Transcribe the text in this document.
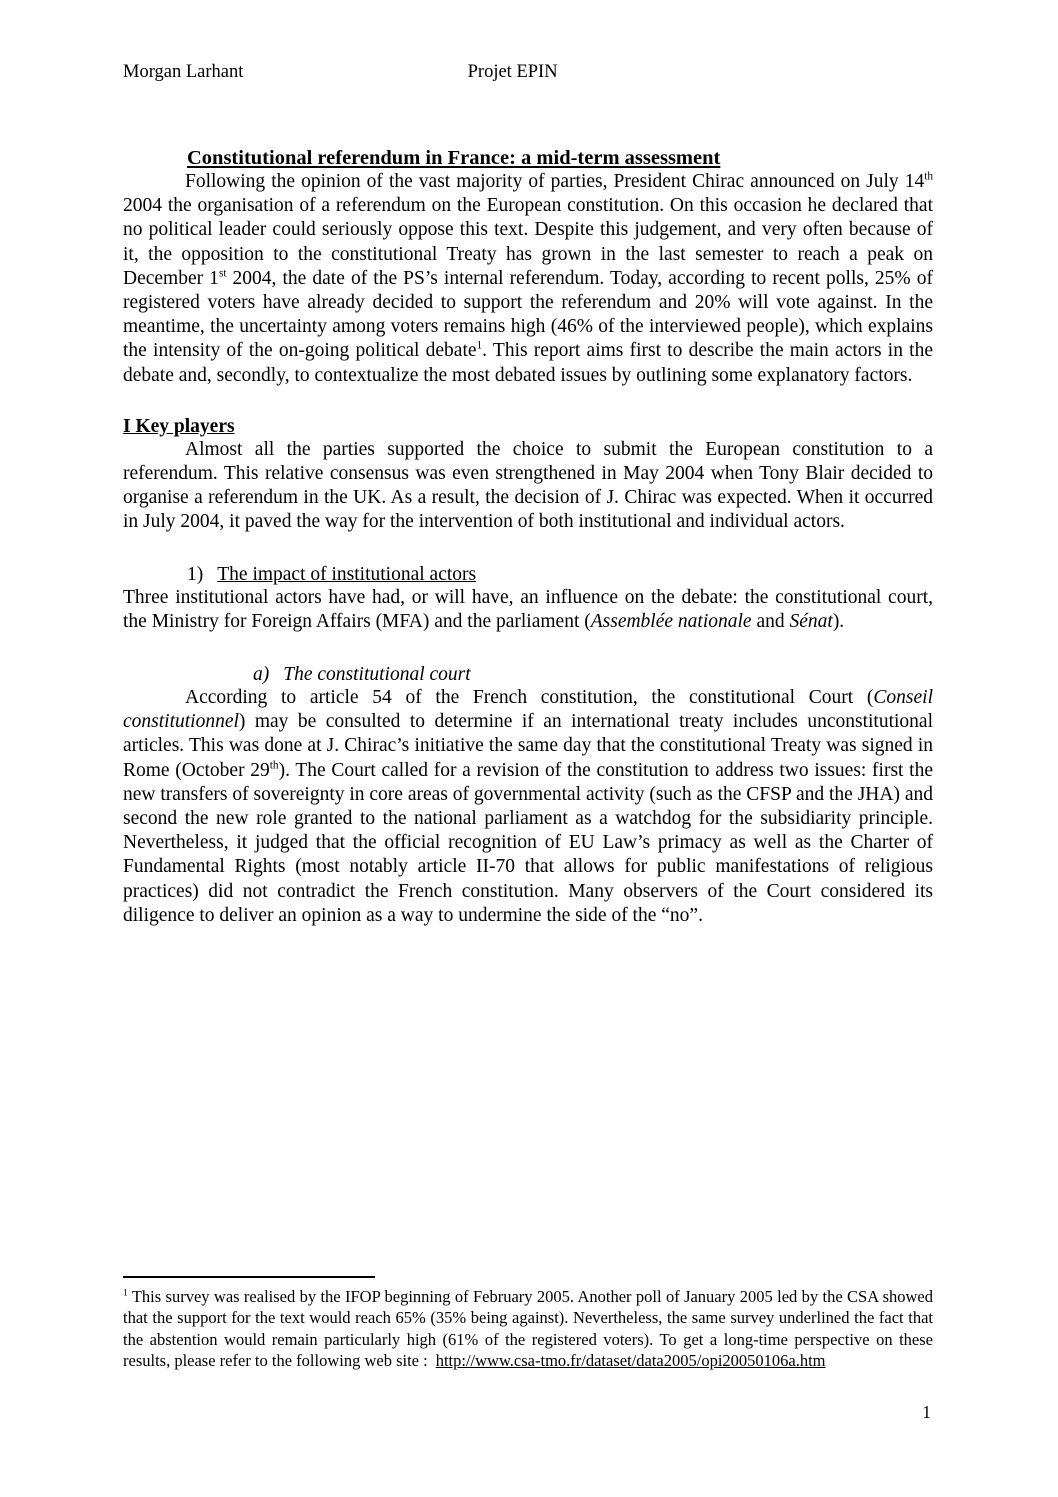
Morgan Larhant	Projet EPIN
Constitutional referendum in France: a mid-term assessment

Following the opinion of the vast majority of parties, President Chirac announced on July 14th 2004 the organisation of a referendum on the European constitution. On this occasion he declared that no political leader could seriously oppose this text. Despite this judgement, and very often because of it, the opposition to the constitutional Treaty has grown in the last semester to reach a peak on December 1st 2004, the date of the PS’s internal referendum. Today, according to recent polls, 25% of registered voters have already decided to support the referendum and 20% will vote against. In the meantime, the uncertainty among voters remains high (46% of the interviewed people), which explains the intensity of the on-going political debate$^1$. This report aims first to describe the main actors in the debate and, secondly, to contextualize the most debated issues by outlining some explanatory factors.

I Key players

Almost all the parties supported the choice to submit the European constitution to a referendum. This relative consensus was even strengthened in May 2004 when Tony Blair decided to organise a referendum in the UK. As a result, the decision of J. Chirac was expected. When it occurred in July 2004, it paved the way for the intervention of both institutional and individual actors.

1) The impact of institutional actors

Three institutional actors have had, or will have, an influence on the debate: the constitutional court, the Ministry for Foreign Affairs (MFA) and the parliament (Assemblée nationale and Sénat).

a) The constitutional court

According to article 54 of the French constitution, the constitutional Court (Conseil constitutionnel) may be consulted to determine if an international treaty includes unconstitutional articles. This was done at J. Chirac’s initiative the same day that the constitutional Treaty was signed in Rome (October 29th). The Court called for a revision of the constitution to address two issues: first the new transfers of sovereignty in core areas of governmental activity (such as the CFSP and the JHA) and second the new role granted to the national parliament as a watchdog for the subsidiarity principle. Nevertheless, it judged that the official recognition of EU Law’s primacy as well as the Charter of Fundamental Rights (most notably article II-70 that allows for public manifestations of religious practices) did not contradict the French constitution. Many observers of the Court considered its diligence to deliver an opinion as a way to undermine the side of the “no”.

$^1$ This survey was realised by the IFOP beginning of February 2005. Another poll of January 2005 led by the CSA showed that the support for the text would reach 65% (35% being against). Nevertheless, the same survey underlined the fact that the abstention would remain particularly high (61% of the registered voters). To get a long-time perspective on these results, please refer to the following web site : http://www.csa-tmo.fr/dataset/data2005/opi20050106a.htm

1
